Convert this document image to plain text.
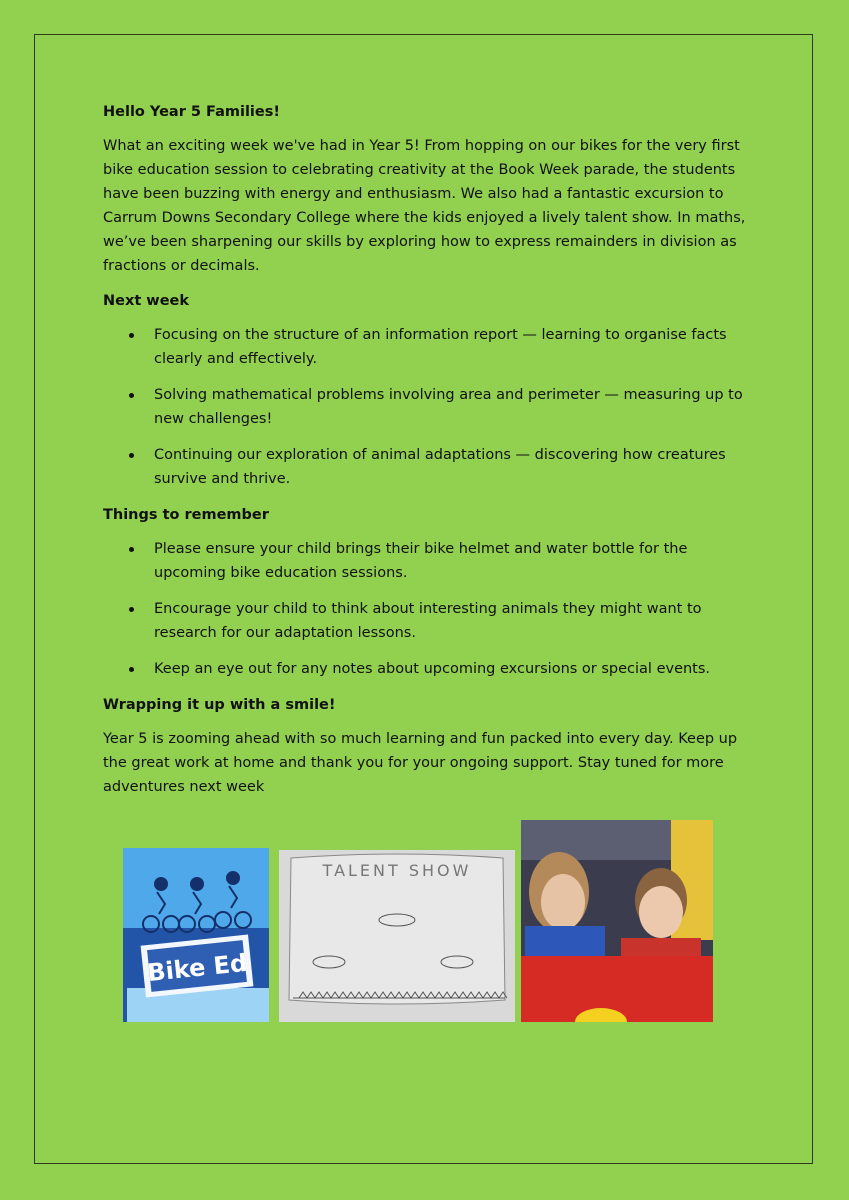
Hello Year 5 Families!

What an exciting week we've had in Year 5! From hopping on our bikes for the very first bike education session to celebrating creativity at the Book Week parade, the students have been buzzing with energy and enthusiasm. We also had a fantastic excursion to Carrum Downs Secondary College where the kids enjoyed a lively talent show. In maths, we’ve been sharpening our skills by exploring how to express remainders in division as fractions or decimals.

Next week
Focusing on the structure of an information report — learning to organise facts clearly and effectively.
Solving mathematical problems involving area and perimeter — measuring up to new challenges!
Continuing our exploration of animal adaptations — discovering how creatures survive and thrive.
Things to remember
Please ensure your child brings their bike helmet and water bottle for the upcoming bike education sessions.
Encourage your child to think about interesting animals they might want to research for our adaptation lessons.
Keep an eye out for any notes about upcoming excursions or special events.
Wrapping it up with a smile!

Year 5 is zooming ahead with so much learning and fun packed into every day. Keep up the great work at home and thank you for your ongoing support. Stay tuned for more adventures next week

Bike Ed
TALENT SHOW
